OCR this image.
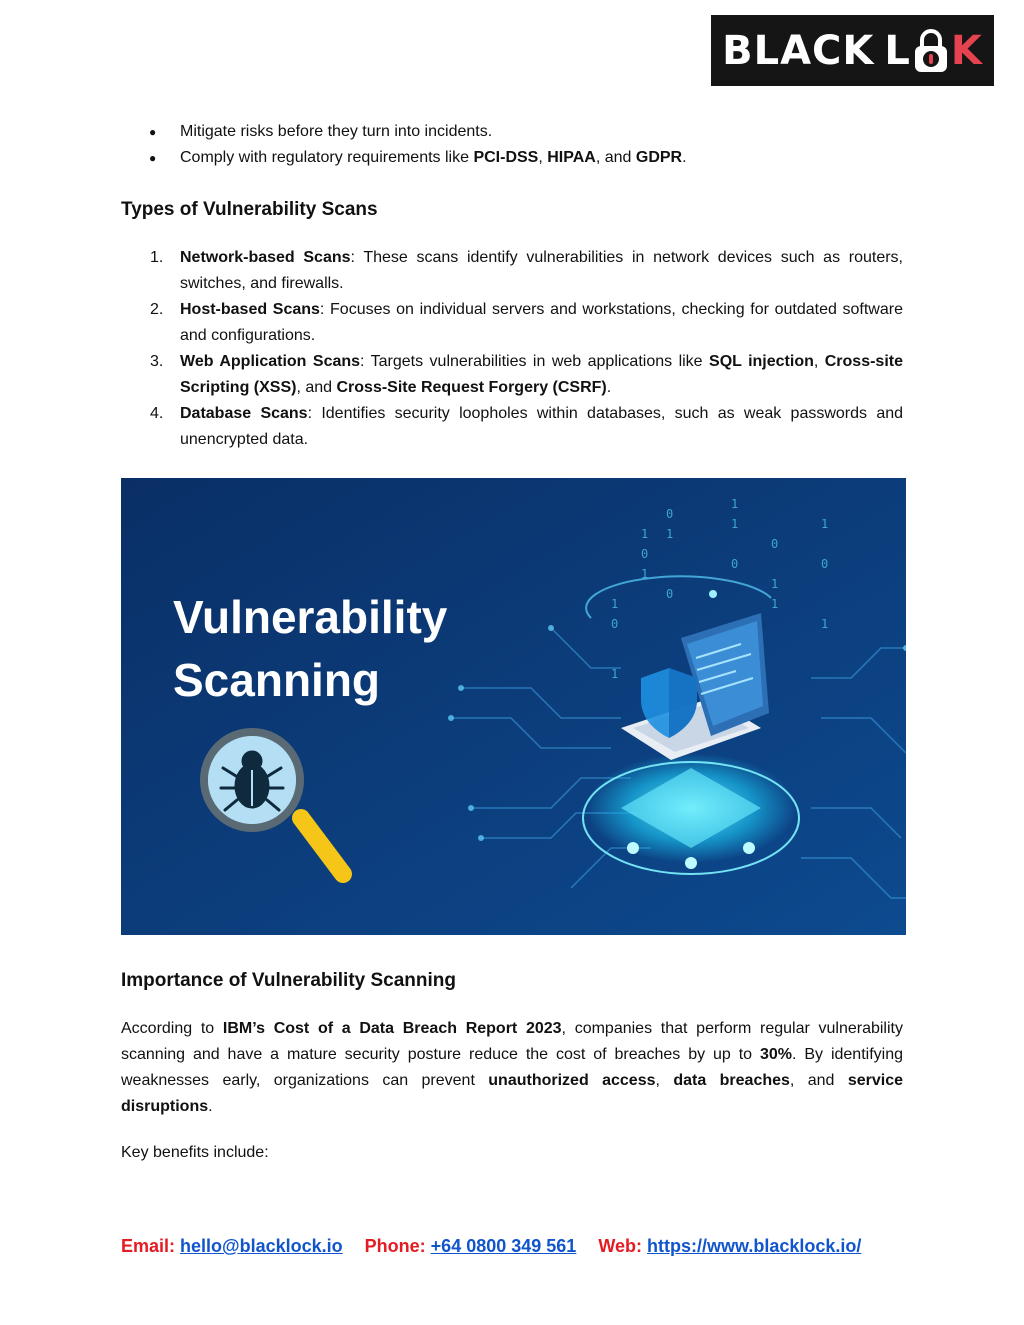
BLACK L K
● Mitigate risks before they turn into incidents.
● Comply with regulatory requirements like PCI-DSS, HIPAA, and GDPR.
Types of Vulnerability Scans
1. Network-based Scans: These scans identify vulnerabilities in network devices such as routers, switches, and firewalls.
2. Host-based Scans: Focuses on individual servers and workstations, checking for outdated software and configurations.
3. Web Application Scans: Targets vulnerabilities in web applications like SQL injection, Cross-site Scripting (XSS), and Cross-Site Request Forgery (CSRF).
4. Database Scans: Identifies security loopholes within databases, such as weak passwords and unencrypted data.
1
0
1
0
1
0
1
1
0
0
1
1
1
0
1
1
0
1
Vulnerability
Scanning
Importance of Vulnerability Scanning

According to IBM’s Cost of a Data Breach Report 2023, companies that perform regular vulnerability scanning and have a mature security posture reduce the cost of breaches by up to 30%. By identifying weaknesses early, organizations can prevent unauthorized access, data breaches, and service disruptions.

Key benefits include:

Email:
hello@blacklock.io Phone:
+64 0800 349 561 Web:
https://www.blacklock.io/
